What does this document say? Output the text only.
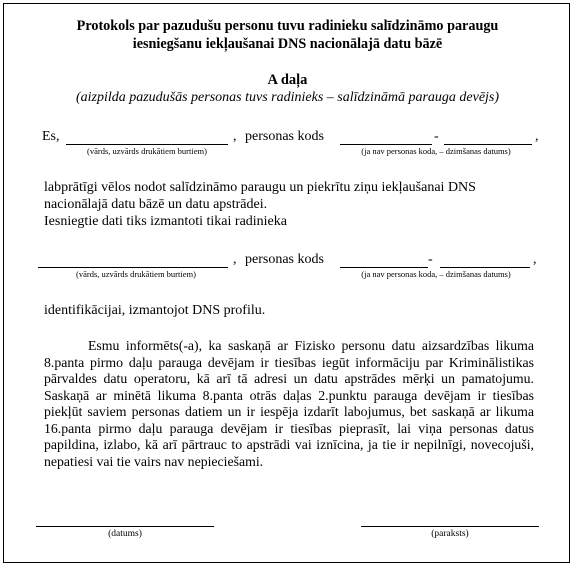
Protokols par pazudušu personu tuvu radinieku salīdzināmo paraugu
iesniegšanu iekļaušanai DNS nacionālajā datu bāzē
A daļa
(aizpilda pazudušās personas tuvs radinieks – salīdzināmā parauga devējs)
Es,	, personas kods	-	,
(vārds, uzvārds drukātiem burtiem)	(ja nav personas koda, – dzimšanas datums)
labprātīgi vēlos nodot salīdzināmo paraugu un piekrītu ziņu iekļaušanai DNS
nacionālajā datu bāzē un datu apstrādei.
Iesniegtie dati tiks izmantoti tikai radinieka
, personas kods	-	,
(vārds, uzvārds drukātiem burtiem)	(ja nav personas koda, – dzimšanas datums)
identifikācijai, izmantojot DNS profilu.
Esmu informēts(-a), ka saskaņā ar Fizisko personu datu aizsardzības likuma 8.panta pirmo daļu parauga devējam ir tiesības iegūt informāciju par Kriminālistikas pārvaldes datu operatoru, kā arī tā adresi un datu apstrādes mērķi un pamatojumu. Saskaņā ar minētā likuma 8.panta otrās daļas 2.punktu parauga devējam ir tiesības piekļūt saviem personas datiem un ir iespēja izdarīt labojumus, bet saskaņā ar likuma 16.panta pirmo daļu parauga devējam ir tiesības pieprasīt, lai viņa personas datus papildina, izlabo, kā arī pārtrauc to apstrādi vai iznīcina, ja tie ir nepilnīgi, novecojuši, nepatiesi vai tie vairs nav nepieciešami.
(datums)	(paraksts)
